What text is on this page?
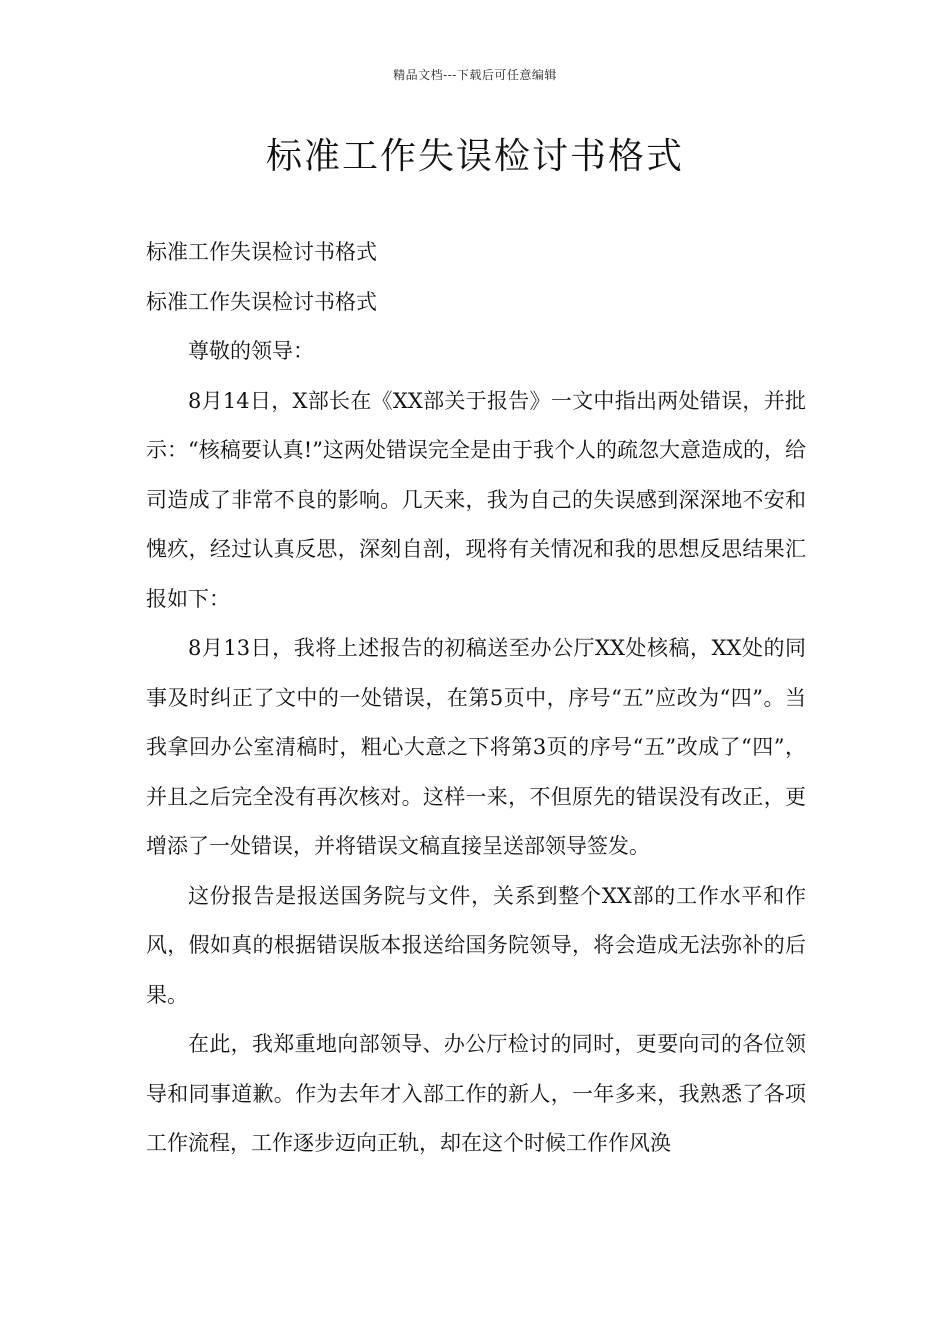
精品文档---下载后可任意编辑
标准工作失误检讨书格式

标准工作失误检讨书格式

标准工作失误检讨书格式

尊敬的领导：

8月14日，X部长在《XX部关于报告》一文中指出两处错误，并批示：“核稿要认真!”这两处错误完全是由于我个人的疏忽大意造成的，给司造成了非常不良的影响。几天来，我为自己的失误感到深深地不安和愧疚，经过认真反思，深刻自剖，现将有关情况和我的思想反思结果汇报如下：

8月13日，我将上述报告的初稿送至办公厅XX处核稿，XX处的同事及时纠正了文中的一处错误，在第5页中，序号“五”应改为“四”。当我拿回办公室清稿时，粗心大意之下将第3页的序号“五”改成了“四”，并且之后完全没有再次核对。这样一来，不但原先的错误没有改正，更增添了一处错误，并将错误文稿直接呈送部领导签发。

这份报告是报送国务院与文件，关系到整个XX部的工作水平和作风，假如真的根据错误版本报送给国务院领导，将会造成无法弥补的后果。

在此，我郑重地向部领导、办公厅检讨的同时，更要向司的各位领导和同事道歉。作为去年才入部工作的新人，一年多来，我熟悉了各项工作流程，工作逐步迈向正轨，却在这个时候工作作风涣
